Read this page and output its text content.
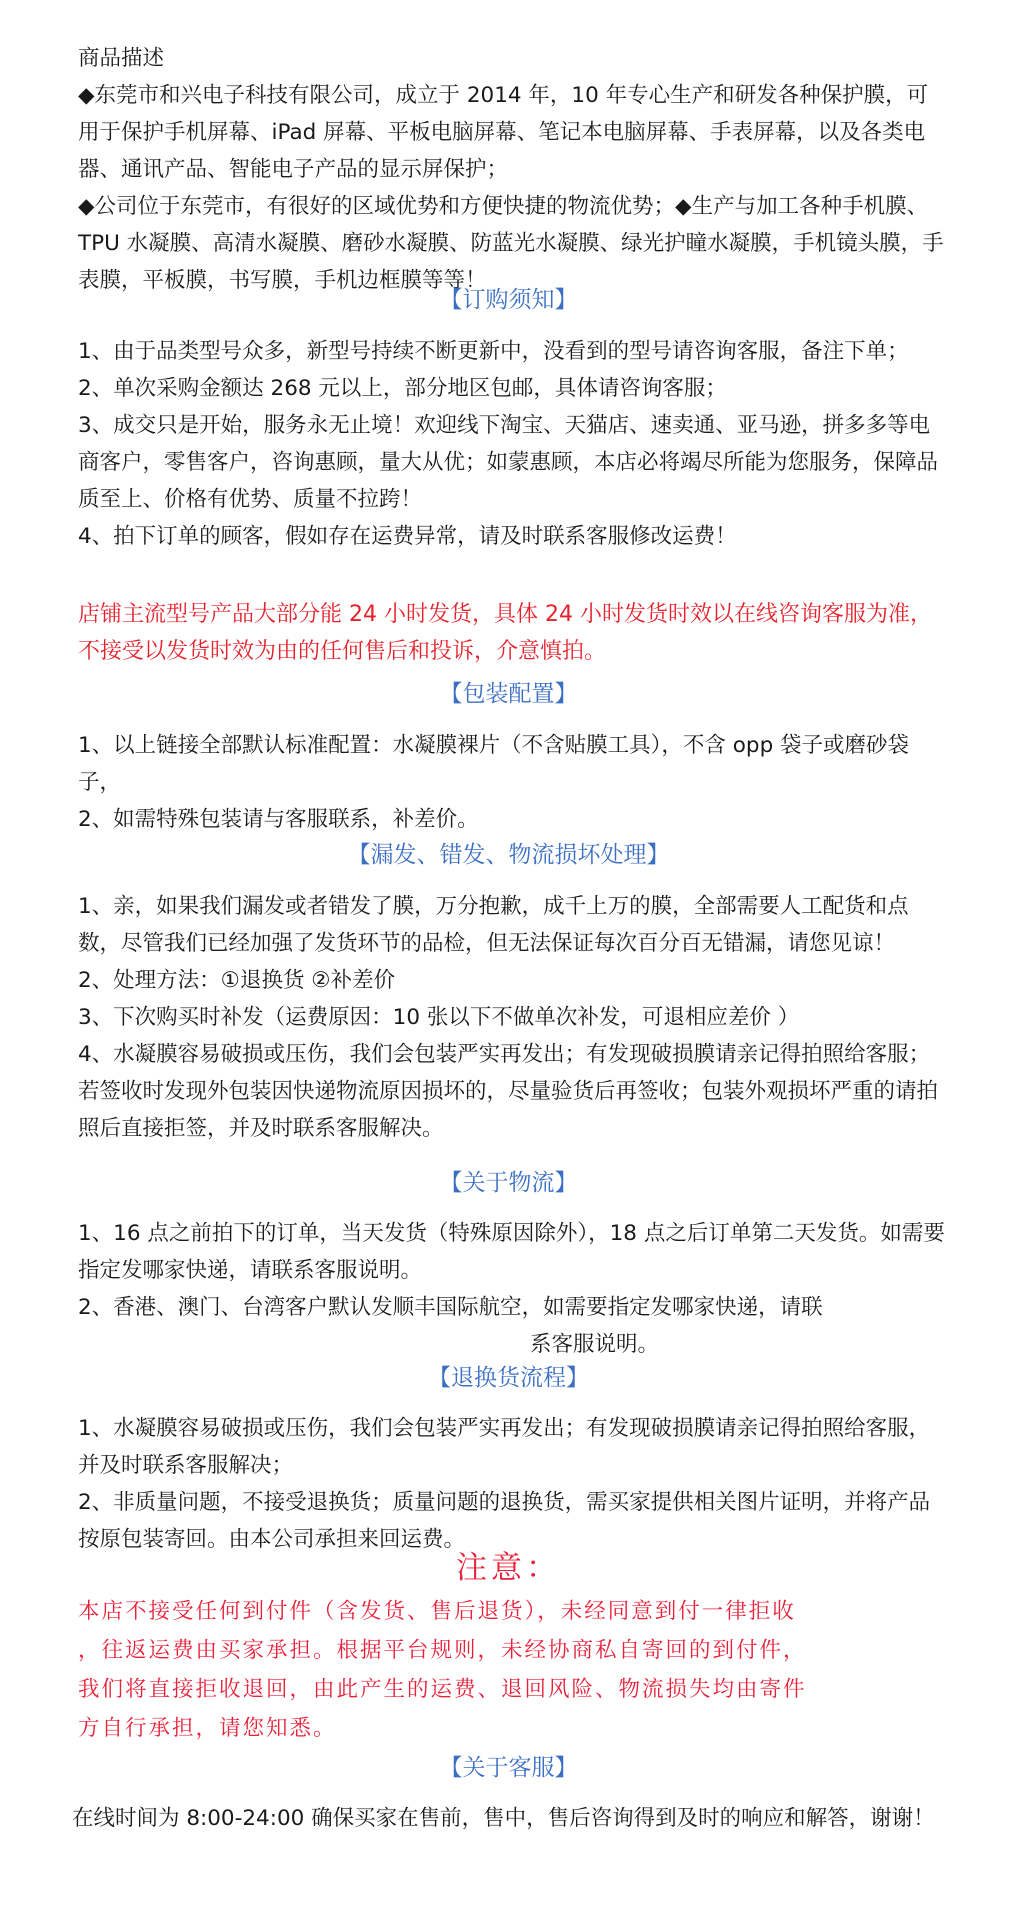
商品描述

◆东莞市和兴电子科技有限公司，成立于 2014 年，10 年专心生产和研发各种保护膜，可用于保护手机屏幕、iPad 屏幕、平板电脑屏幕、笔记本电脑屏幕、手表屏幕，以及各类电器、通讯产品、智能电子产品的显示屏保护；

◆公司位于东莞市，有很好的区域优势和方便快捷的物流优势；◆生产与加工各种手机膜、TPU 水凝膜、高清水凝膜、磨砂水凝膜、防蓝光水凝膜、绿光护瞳水凝膜，手机镜头膜，手表膜，平板膜，书写膜，手机边框膜等等！

【订购须知】

1、由于品类型号众多，新型号持续不断更新中，没看到的型号请咨询客服，备注下单；

2、单次采购金额达 268 元以上，部分地区包邮，具体请咨询客服；

3、成交只是开始，服务永无止境！欢迎线下淘宝、天猫店、速卖通、亚马逊，拼多多等电商客户，零售客户，咨询惠顾，量大从优；如蒙惠顾，本店必将竭尽所能为您服务，保障品质至上、价格有优势、质量不拉跨！

4、拍下订单的顾客，假如存在运费异常，请及时联系客服修改运费！

店铺主流型号产品大部分能 24 小时发货，具体 24 小时发货时效以在线咨询客服为准，不接受以发货时效为由的任何售后和投诉，介意慎拍。
【包装配置】

1、以上链接全部默认标准配置：水凝膜裸片（不含贴膜工具），不含 opp 袋子或磨砂袋子，

2、如需特殊包装请与客服联系，补差价。

【漏发、错发、物流损坏处理】

1、亲，如果我们漏发或者错发了膜，万分抱歉，成千上万的膜，全部需要人工配货和点数，尽管我们已经加强了发货环节的品检，但无法保证每次百分百无错漏，请您见谅！

2、处理方法：①退换货 ②补差价

3、下次购买时补发（运费原因：10 张以下不做单次补发，可退相应差价 ）

4、水凝膜容易破损或压伤，我们会包装严实再发出；有发现破损膜请亲记得拍照给客服；若签收时发现外包装因快递物流原因损坏的，尽量验货后再签收；包装外观损坏严重的请拍照后直接拒签，并及时联系客服解决。

【关于物流】

1、16 点之前拍下的订单，当天发货（特殊原因除外），18 点之后订单第二天发货。如需要指定发哪家快递，请联系客服说明。

2、香港、澳门、台湾客户默认发顺丰国际航空，如需要指定发哪家快递，请联

系客服说明。

【退换货流程】

1、水凝膜容易破损或压伤，我们会包装严实再发出；有发现破损膜请亲记得拍照给客服，并及时联系客服解决；

2、非质量问题，不接受退换货；质量问题的退换货，需买家提供相关图片证明，并将产品按原包装寄回。由本公司承担来回运费。

注意：
本店不接受任何到付件（含发货、售后退货），未经同意到付一律拒收
，往返运费由买家承担。根据平台规则，未经协商私自寄回的到付件，
我们将直接拒收退回，由此产生的运费、退回风险、物流损失均由寄件
方自行承担，请您知悉。
【关于客服】
在线时间为 8:00-24:00 确保买家在售前，售中，售后咨询得到及时的响应和解答，谢谢！
